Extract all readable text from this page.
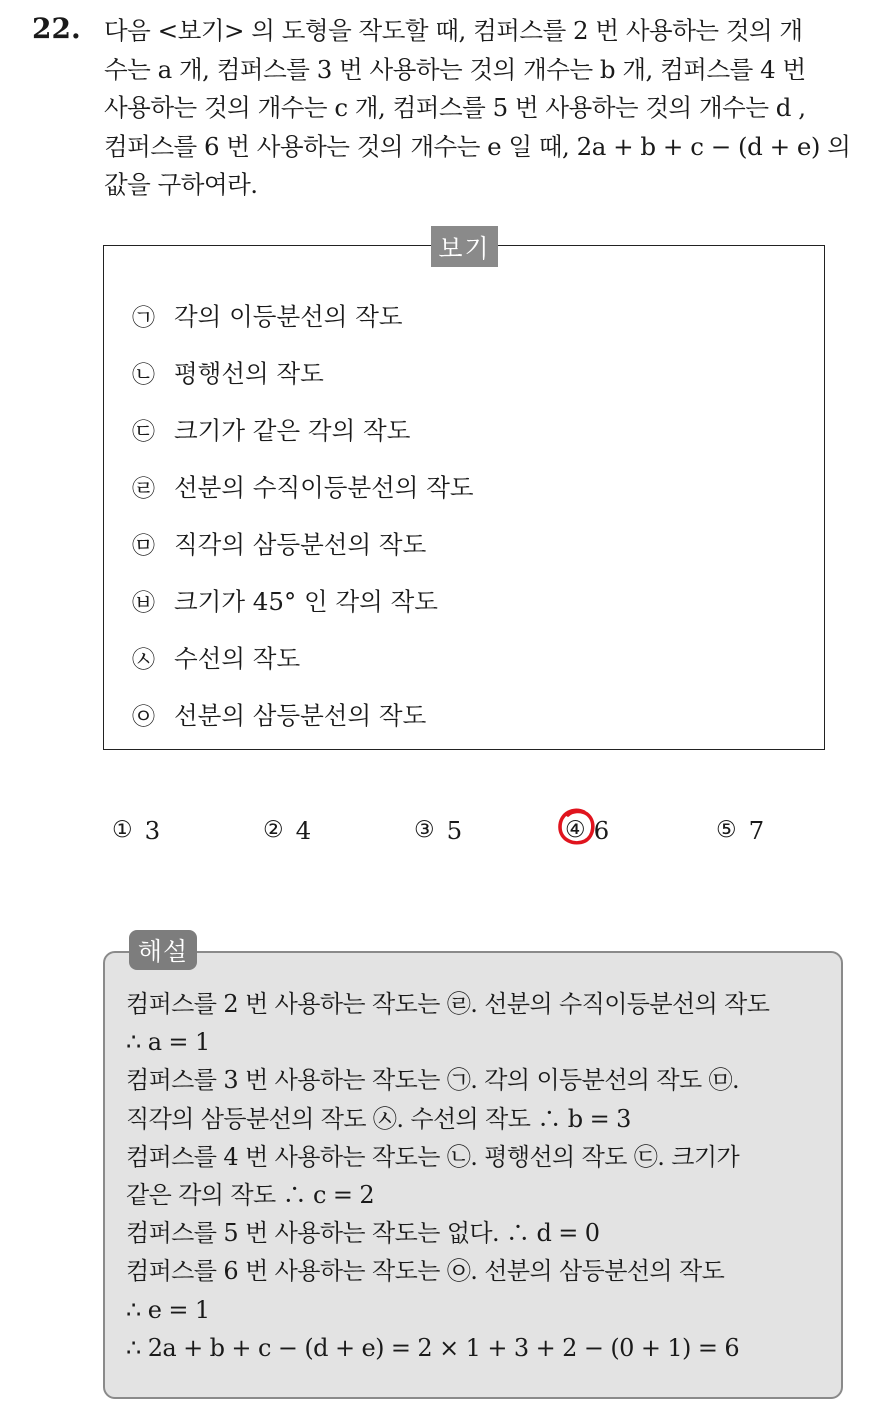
22. 다음 <보기> 의 도형을 작도할 때, 컴퍼스를 2 번 사용하는 것의 개
수는 a 개, 컴퍼스를 3 번 사용하는 것의 개수는 b 개, 컴퍼스를 4 번
사용하는 것의 개수는 c 개, 컴퍼스를 5 번 사용하는 것의 개수는 d ,
컴퍼스를 6 번 사용하는 것의 개수는 e 일 때, 2a + b + c − (d + e) 의
값을 구하여라.
보기
㉠ 각의 이등분선의 작도
㉡ 평행선의 작도
㉢ 크기가 같은 각의 작도
㉣ 선분의 수직이등분선의 작도
㉤ 직각의 삼등분선의 작도
㉥ 크기가 45° 인 각의 작도
㉦ 수선의 작도
㉧ 선분의 삼등분선의 작도
① 3	② 4	③ 5	④ 6	⑤ 7
해설
컴퍼스를 2 번 사용하는 작도는 ㉣. 선분의 수직이등분선의 작도
∴ a = 1
컴퍼스를 3 번 사용하는 작도는 ㉠. 각의 이등분선의 작도 ㉤.
직각의 삼등분선의 작도 ㉦. 수선의 작도 ∴ b = 3
컴퍼스를 4 번 사용하는 작도는 ㉡. 평행선의 작도 ㉢. 크기가
같은 각의 작도 ∴ c = 2
컴퍼스를 5 번 사용하는 작도는 없다. ∴ d = 0
컴퍼스를 6 번 사용하는 작도는 ㉧. 선분의 삼등분선의 작도
∴ e = 1
∴ 2a + b + c − (d + e) = 2 × 1 + 3 + 2 − (0 + 1) = 6
